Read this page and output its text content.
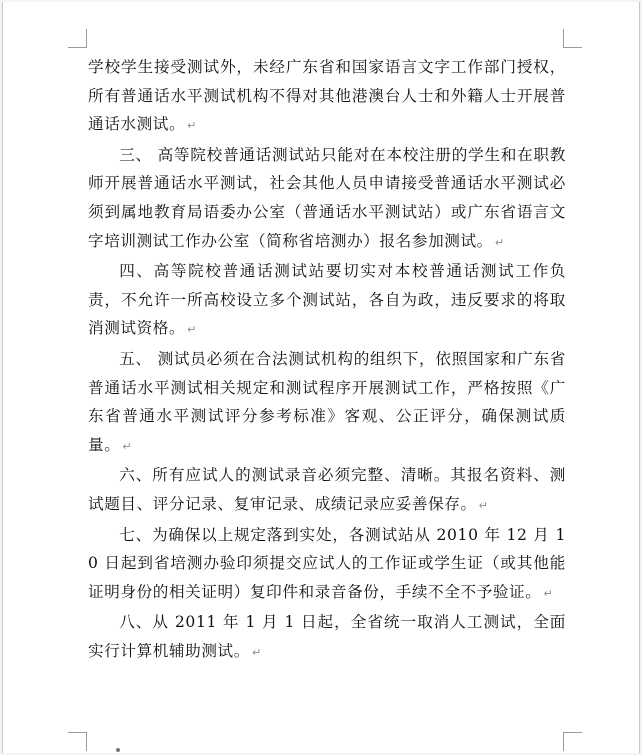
学校学生接受测试外，未经广东省和国家语言文字工作部门授权，所有普通话水平测试机构不得对其他港澳台人士和外籍人士开展普通话水测试。 ↵

三、 高等院校普通话测试站只能对在本校注册的学生和在职教师开展普通话水平测试，社会其他人员申请接受普通话水平测试必须到属地教育局语委办公室（普通话水平测试站）或广东省语言文字培训测试工作办公室（简称省培测办）报名参加测试。 ↵

四、高等院校普通话测试站要切实对本校普通话测试工作负责，不允许一所高校设立多个测试站，各自为政，违反要求的将取消测试资格。 ↵

五、 测试员必须在合法测试机构的组织下，依照国家和广东省普通话水平测试相关规定和测试程序开展测试工作，严格按照《广东省普通水平测试评分参考标准》客观、公正评分，确保测试质量。 ↵

六、所有应试人的测试录音必须完整、清晰。其报名资料、测试题目、评分记录、复审记录、成绩记录应妥善保存。 ↵

七、为确保以上规定落到实处，各测试站从 2010 年 12 月 10 日起到省培测办验印须提交应试人的工作证或学生证（或其他能证明身份的相关证明）复印件和录音备份，手续不全不予验证。 ↵

八、从 2011 年 1 月 1 日起，全省统一取消人工测试，全面实行计算机辅助测试。 ↵
